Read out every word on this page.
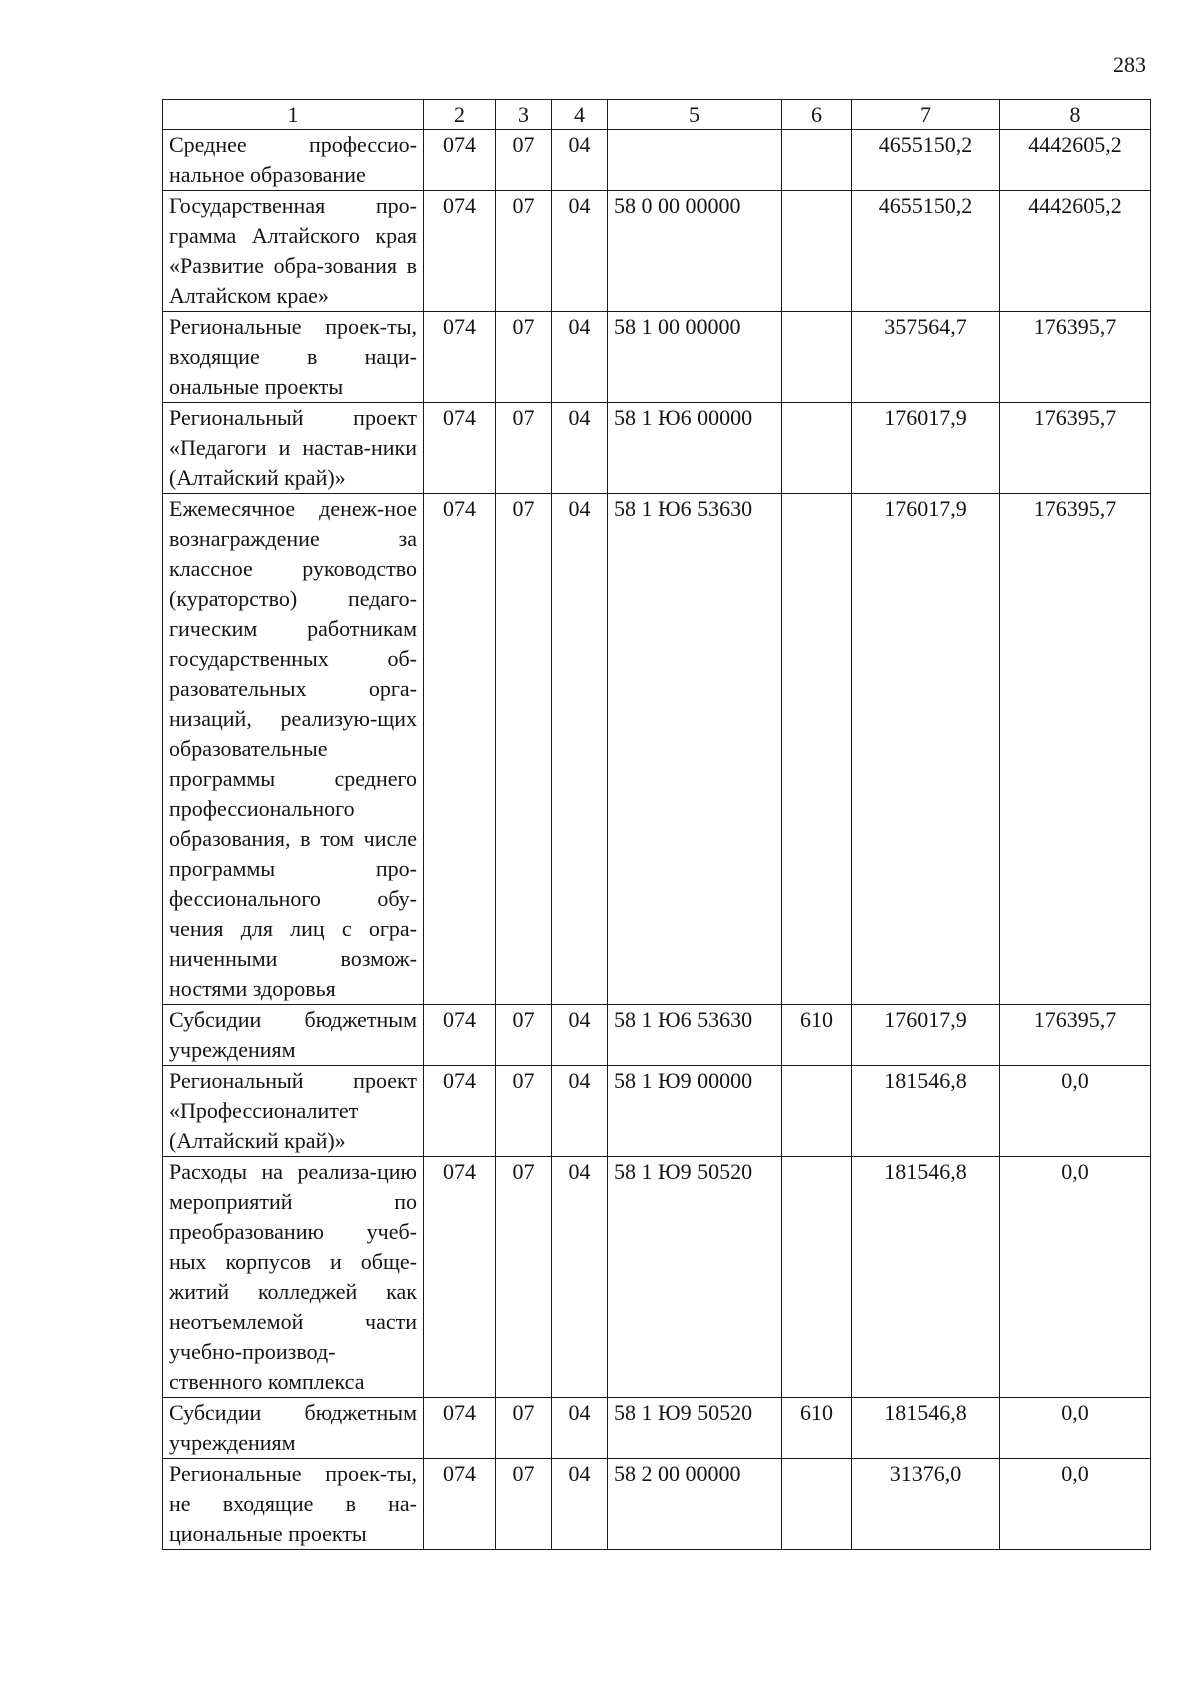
283
1	2	3	4	5	6	7	8
Среднее профессио-нальное образование	074	07	04			4655150,2	4442605,2
Государственная про-грамма Алтайского края «Развитие обра-зования в Алтайском крае»	074	07	04	58 0 00 00000		4655150,2	4442605,2
Региональные проек-ты, входящие в наци-ональные проекты	074	07	04	58 1 00 00000		357564,7	176395,7
Региональный проект «Педагоги и настав-ники (Алтайский край)»	074	07	04	58 1 Ю6 00000		176017,9	176395,7
Ежемесячное денеж-ное вознаграждение за классное руководство (кураторство) педаго-гическим работникам государственных об-разовательных орга-низаций, реализую-щих образовательные программы среднего профессионального образования, в том числе программы про-фессионального обу-чения для лиц с огра-ниченными возмож-ностями здоровья	074	07	04	58 1 Ю6 53630		176017,9	176395,7
Субсидии бюджетным учреждениям	074	07	04	58 1 Ю6 53630	610	176017,9	176395,7
Региональный проект «Профессионалитет (Алтайский край)»	074	07	04	58 1 Ю9 00000		181546,8	0,0
Расходы на реализа-цию мероприятий по преобразованию учеб-ных корпусов и обще-житий колледжей как неотъемлемой части учебно-производ-ственного комплекса	074	07	04	58 1 Ю9 50520		181546,8	0,0
Субсидии бюджетным учреждениям	074	07	04	58 1 Ю9 50520	610	181546,8	0,0
Региональные проек-ты, не входящие в на-циональные проекты	074	07	04	58 2 00 00000		31376,0	0,0
